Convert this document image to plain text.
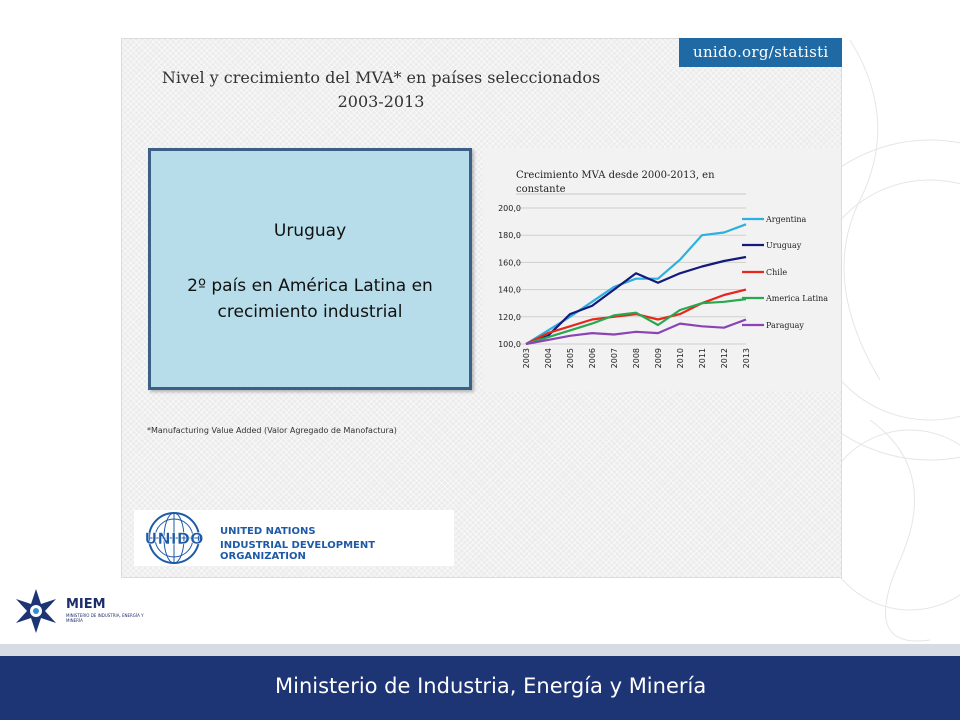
unido.org/statisti
Nivel y crecimiento del MVA* en países seleccionados
2003-2013
Uruguay
2º país en América Latina en crecimiento industrial
Crecimiento MVA desde 2000-2013, en constante
100,0
120,0
140,0
160,0
180,0
200,0
2003 2004 2005 2006 2007 2008 2009 2010 2011 2012 2013
Argentina
Uruguay
Chile
America Latina
Paraguay
*Manufacturing Value Added (Valor Agregado de Manofactura)
UNIDO UNITED NATIONS
INDUSTRIAL DEVELOPMENT ORGANIZATION
MIEM
MINISTERIO DE INDUSTRIA, ENERGÍA Y MINERÍA
Ministerio de Industria, Energía y Minería
